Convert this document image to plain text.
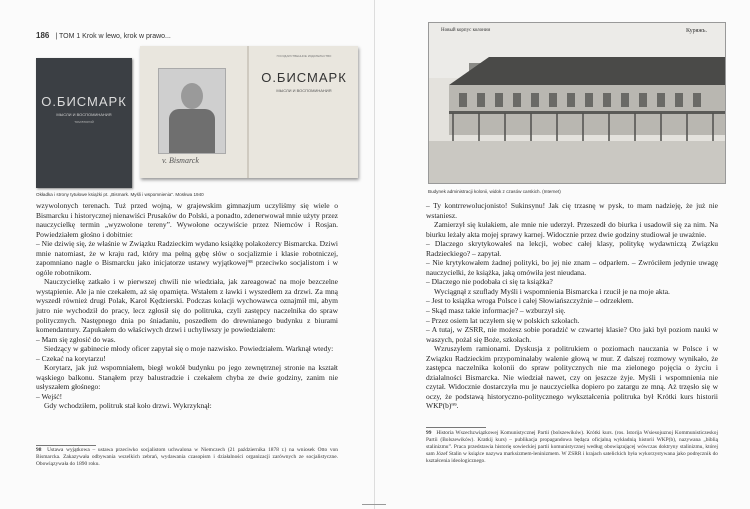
186 | TOM 1 Krok w lewo, krok w prawo...
О.БИСМАРК
МЫСЛИ И ВОСПОМИНАНИЯ
ТОМ ВТОРОЙ
v. Bismarck
ГОСУДАРСТВЕННОЕ ИЗДАТЕЛЬСТВО
О.БИСМАРК
МЫСЛИ И ВОСПОМИНАНИЯ
Okładka i strony tytułowe książki pt. „Bismark. Myśli i wspomnienia”. Moskwa 1940

wzywolonych terenach. Tuż przed wojną, w grajewskim gimnazjum uczyliśmy się wiele o Bismarcku i historycznej nienawiści Prusaków do Polski, a ponadto, zdenerwował mnie użyty przez nauczycielkę termin „wyzwolone tereny”. Wywołone oczywiście przez Niemców i Rosjan. Powiedziałem głośno i dobitnie:

– Nie dziwię się, że właśnie w Związku Radzieckim wydano książkę polakożercy Bismarcka. Dziwi mnie natomiast, że w kraju rad, który ma pełną gębę słów o socjalizmie i klasie robotniczej, zapomniano nagle o Bismarcku jako inicjatorze ustawy wyjątkowej⁹⁸ przeciwko socjalistom i w ogóle robotnikom.

Nauczycielkę zatkało i w pierwszej chwili nie wiedziała, jak zareagować na moje bezczelne wystąpienie. Ale ja nie czekałem, aż się opamięta. Wstałem z ławki i wyszedłem za drzwi. Za mną wyszedł również drugi Polak, Karol Kędzierski. Podczas kolacji wychowawca oznajmił mi, abym jutro nie wychodził do pracy, lecz zgłosił się do politruka, czyli zastępcy naczelnika do spraw politycznych. Następnego dnia po śniadaniu, poszedłem do drewnianego budynku z biurami komendantury. Zapukałem do właściwych drzwi i uchyliwszy je powiedziałem:

– Mam się zgłosić do was.

Siedzący w gabinecie młody oficer zapytał się o moje nazwisko. Powiedziałem. Warknął wtedy:

– Czekać na korytarzu!

Korytarz, jak już wspomniałem, biegł wokół budynku po jego zewnętrznej stronie na kształt wąskiego balkonu. Stanąłem przy balustradzie i czekałem chyba ze dwie godziny, zanim nie usłyszałem głośnego:

– Wejść!

Gdy wchodziłem, politruk stał koło drzwi. Wykrzyknął:

98 Ustawa wyjątkowa – ustawa przeciwko socjalistom uchwalona w Niemczech (21 października 1878 r.) na wniosek Otto von Bismarcka. Zakazywała odbywania wszelkich zebrań, wydawania czasopism i działalności organizacji zarównych ze socjalistyczne. Obowiązywała do 1890 roku.
Новый корпус колонии	Куряжъ.
Budynek administracji kolonii, widok z czasów carskich. (Internet)

– Ty kontrrewolucjonisto! Sukinsynu! Jak cię trzasnę w pysk, to mam nadzieję, że już nie wstaniesz.

Zamierzył się kułakiem, ale mnie nie uderzył. Przeszedł do biurka i usadowił się za nim. Na biurku leżały akta mojej sprawy karnej. Widocznie przez dwie godziny studiował je uważnie.

– Dlaczego skrytykowałeś na lekcji, wobec całej klasy, politykę wydawniczą Związku Radzieckiego? – zapytał.

– Nie krytykowałem żadnej polityki, bo jej nie znam – odparłem. – Zwróciłem jedynie uwagę nauczycielki, że książka, jaką omówiła jest nieudana.

– Dlaczego nie podobała ci się ta książka?

Wyciągnął z szuflady Myśli i wspomnienia Bismarcka i rzucił je na moje akta.

– Jest to książka wroga Polsce i całej Słowiańszczyźnie – odrzekłem.

– Skąd masz takie informacje? – wzburzył się.

– Przez osiem lat uczyłem się w polskich szkołach.

– A tutaj, w ZSRR, nie możesz sobie poradzić w czwartej klasie? Oto jaki był poziom nauki w waszych, pożal się Boże, szkołach.

Wzruszyłem ramionami. Dyskusja z politrukiem o poziomach nauczania w Polsce i w Związku Radzieckim przypominałaby walenie głową w mur. Z dalszej rozmowy wynikało, że zastępca naczelnika kolonii do spraw politycznych nie ma zielonego pojęcia o życiu i działalności Bismarcka. Nie wiedział nawet, czy on jeszcze żyje. Myśli i wspomnienia nie czytał. Widocznie dostarczyła mu je nauczycielka dopiero po zatargu ze mną. Aż trzęsło się w oczy, że podstawą historyczno-politycznego wykształcenia politruka był Krótki kurs historii WKP(b)⁹⁹.

99 Historia Wszechzwiązkowej Komunistycznej Partii (bolszewików). Krótki kurs. (ros. Istorija Wsiesojuznoj Kommunisticzeskoj Partii (Bolszewików). Kratkij kurs) – publikacja propagandowa będąca oficjalną wykładnią historii WKP(b), nazywana „biblią stalinizmu”. Praca przedstawia historię sowieckiej partii komunistycznej według obowiązującej wówczas doktryny stalinizmu, której sam Józef Stalin w książce nazywa marksizmem-leninizmem. W ZSRR i krajach satelickich była wykorzystywana jako podręcznik do kształcenia ideologicznego.
